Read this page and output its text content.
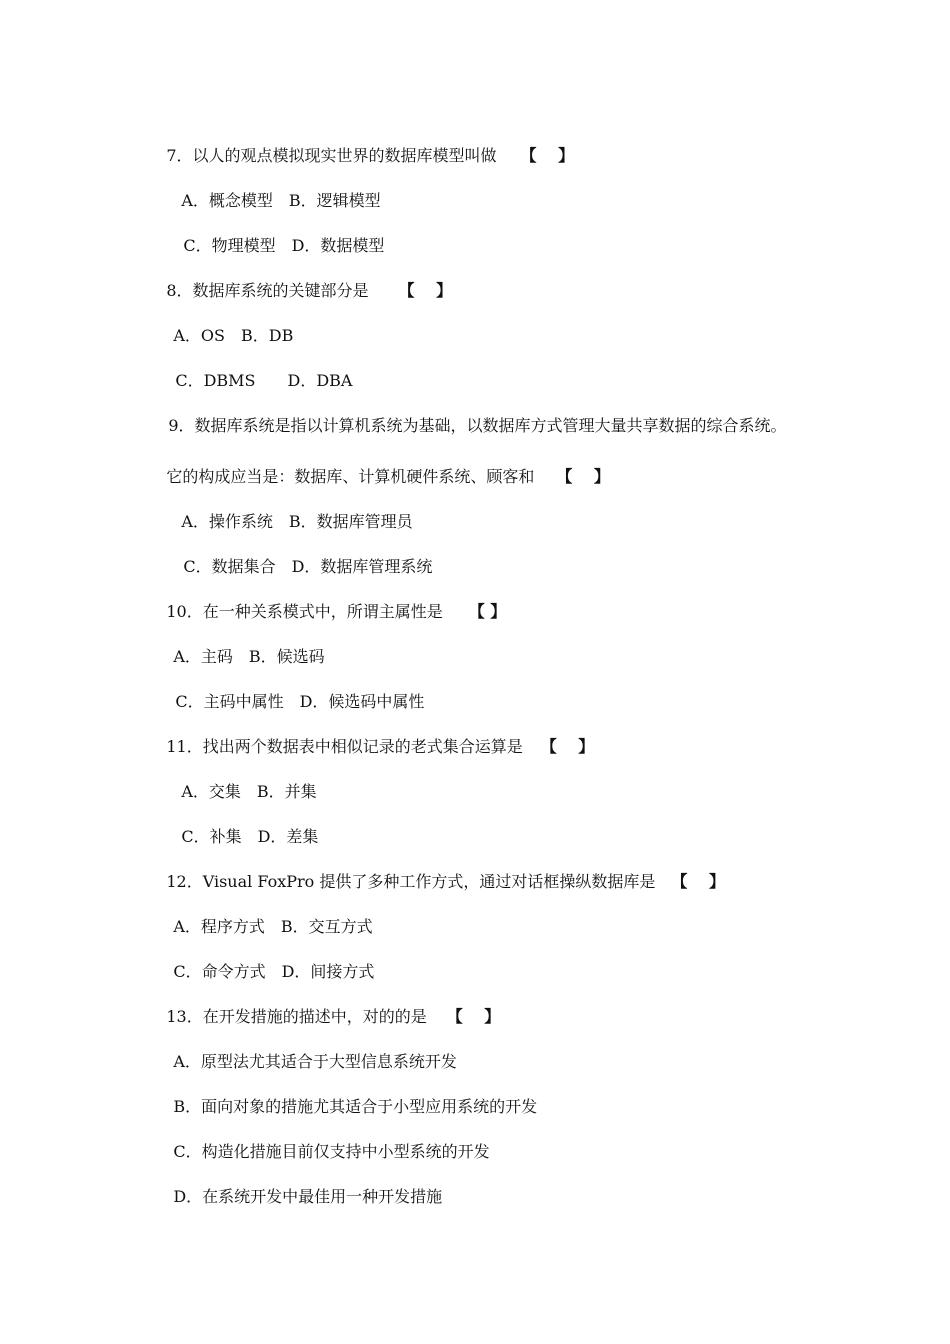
7．以人的观点模拟现实世界的数据库模型叫做 【　 】

A．概念模型　B．逻辑模型

C．物理模型　D．数据模型

8．数据库系统的关键部分是 【　 】

A．OS　B．DB

C．DBMS　　D．DBA

9．数据库系统是指以计算机系统为基础，以数据库方式管理大量共享数据的综合系统。

它的构成应当是：数据库、计算机硬件系统、顾客和 【　 】

A．操作系统　B．数据库管理员

C．数据集合　D．数据库管理系统

10．在一种关系模式中，所谓主属性是 【 】

A．主码　B．候选码

C．主码中属性　D．候选码中属性

11．找出两个数据表中相似记录的老式集合运算是 【 　】

A．交集　B．并集

C．补集　D．差集

12．Visual FoxPro 提供了多种工作方式，通过对话框操纵数据库是 【 　】

A．程序方式　B．交互方式

C．命令方式　D．间接方式

13．在开发措施的描述中，对的的是 【　 】

A．原型法尤其适合于大型信息系统开发

B．面向对象的措施尤其适合于小型应用系统的开发

C．构造化措施目前仅支持中小型系统的开发

D．在系统开发中最佳用一种开发措施
